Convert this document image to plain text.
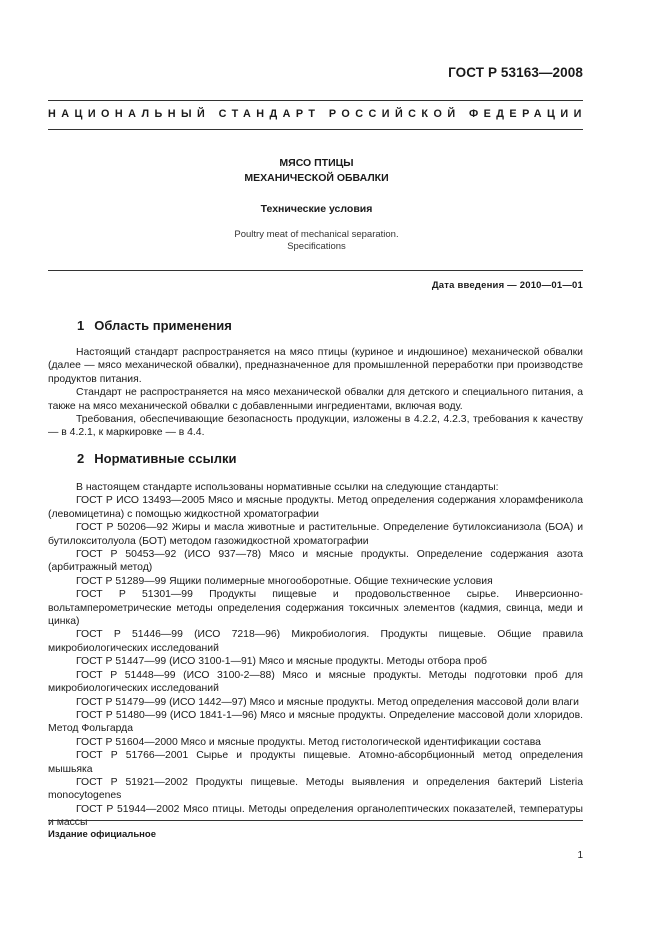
ГОСТ Р 53163—2008
НАЦИОНАЛЬНЫЙ СТАНДАРТ РОССИЙСКОЙ ФЕДЕРАЦИИ
МЯСО ПТИЦЫ
МЕХАНИЧЕСКОЙ ОБВАЛКИ
Технические условия
Poultry meat of mechanical separation.
Specifications
Дата введения — 2010—01—01
1 Область применения

Настоящий стандарт распространяется на мясо птицы (куриное и индюшиное) механической обвалки (далее — мясо механической обвалки), предназначенное для промышленной переработки при производстве продуктов питания.

Стандарт не распространяется на мясо механической обвалки для детского и специального питания, а также на мясо механической обвалки с добавленными ингредиентами, включая воду.

Требования, обеспечивающие безопасность продукции, изложены в 4.2.2, 4.2.3, требования к качеству — в 4.2.1, к маркировке — в 4.4.

2 Нормативные ссылки

В настоящем стандарте использованы нормативные ссылки на следующие стандарты:

ГОСТ Р ИСО 13493—2005 Мясо и мясные продукты. Метод определения содержания хлорамфеникола (левомицетина) с помощью жидкостной хроматографии

ГОСТ Р 50206—92 Жиры и масла животные и растительные. Определение бутилоксианизола (БОА) и бутилокситолуола (БОТ) методом газожидкостной хроматографии

ГОСТ Р 50453—92 (ИСО 937—78) Мясо и мясные продукты. Определение содержания азота (арбитражный метод)

ГОСТ Р 51289—99 Ящики полимерные многооборотные. Общие технические условия

ГОСТ Р 51301—99 Продукты пищевые и продовольственное сырье. Инверсионно-вольтамперометрические методы определения содержания токсичных элементов (кадмия, свинца, меди и цинка)

ГОСТ Р 51446—99 (ИСО 7218—96) Микробиология. Продукты пищевые. Общие правила микробиологических исследований

ГОСТ Р 51447—99 (ИСО 3100-1—91) Мясо и мясные продукты. Методы отбора проб

ГОСТ Р 51448—99 (ИСО 3100-2—88) Мясо и мясные продукты. Методы подготовки проб для микробиологических исследований

ГОСТ Р 51479—99 (ИСО 1442—97) Мясо и мясные продукты. Метод определения массовой доли влаги

ГОСТ Р 51480—99 (ИСО 1841-1—96) Мясо и мясные продукты. Определение массовой доли хлоридов. Метод Фольгарда

ГОСТ Р 51604—2000 Мясо и мясные продукты. Метод гистологической идентификации состава

ГОСТ Р 51766—2001 Сырье и продукты пищевые. Атомно-абсорбционный метод определения мышьяка

ГОСТ Р 51921—2002 Продукты пищевые. Методы выявления и определения бактерий Listeria monocytogenes

ГОСТ Р 51944—2002 Мясо птицы. Методы определения органолептических показателей, температуры и массы

Издание официальное
1
